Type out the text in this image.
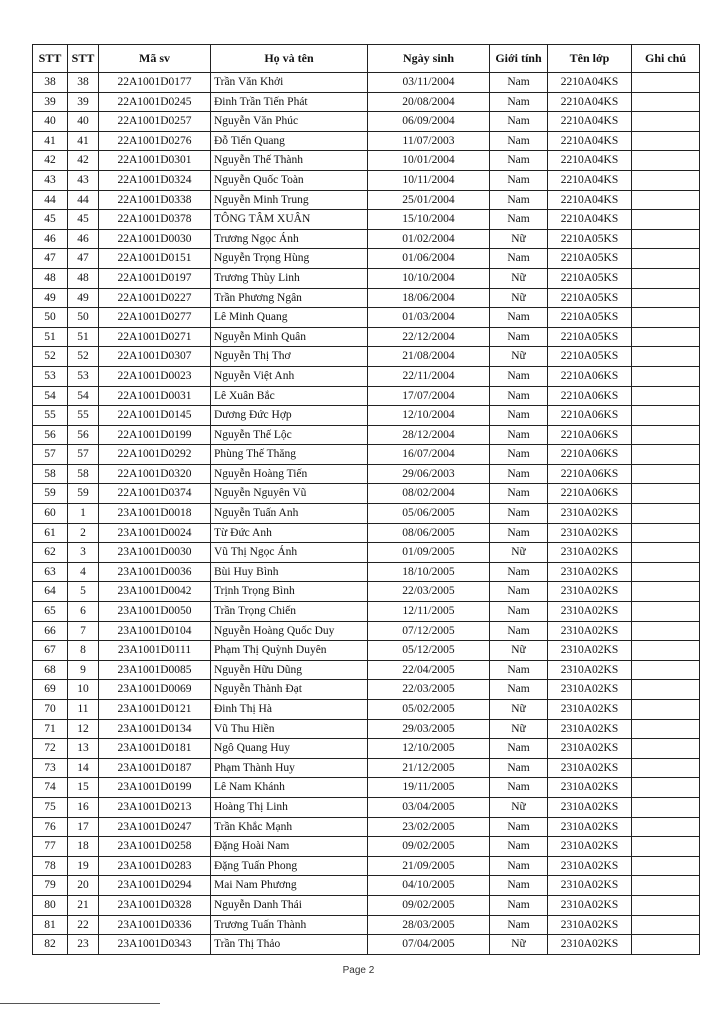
STT	STT	Mã sv	Họ và tên	Ngày sinh	Giới tính	Tên lớp	Ghi chú
38	38	22A1001D0177	Trần Văn Khởi	03/11/2004	Nam	2210A04KS	
39	39	22A1001D0245	Đinh Trần Tiến Phát	20/08/2004	Nam	2210A04KS	
40	40	22A1001D0257	Nguyễn Văn Phúc	06/09/2004	Nam	2210A04KS	
41	41	22A1001D0276	Đỗ Tiến Quang	11/07/2003	Nam	2210A04KS	
42	42	22A1001D0301	Nguyễn Thế Thành	10/01/2004	Nam	2210A04KS	
43	43	22A1001D0324	Nguyễn Quốc Toàn	10/11/2004	Nam	2210A04KS	
44	44	22A1001D0338	Nguyễn Minh Trung	25/01/2004	Nam	2210A04KS	
45	45	22A1001D0378	TÔNG TÂM XUÂN	15/10/2004	Nam	2210A04KS	
46	46	22A1001D0030	Trương Ngọc Ánh	01/02/2004	Nữ	2210A05KS	
47	47	22A1001D0151	Nguyễn Trọng Hùng	01/06/2004	Nam	2210A05KS	
48	48	22A1001D0197	Trương Thùy Linh	10/10/2004	Nữ	2210A05KS	
49	49	22A1001D0227	Trần Phương Ngân	18/06/2004	Nữ	2210A05KS	
50	50	22A1001D0277	Lê Minh Quang	01/03/2004	Nam	2210A05KS	
51	51	22A1001D0271	Nguyễn Minh Quân	22/12/2004	Nam	2210A05KS	
52	52	22A1001D0307	Nguyễn Thị Thơ	21/08/2004	Nữ	2210A05KS	
53	53	22A1001D0023	Nguyễn Việt Anh	22/11/2004	Nam	2210A06KS	
54	54	22A1001D0031	Lê Xuân Bắc	17/07/2004	Nam	2210A06KS	
55	55	22A1001D0145	Dương Đức Hợp	12/10/2004	Nam	2210A06KS	
56	56	22A1001D0199	Nguyễn Thế Lộc	28/12/2004	Nam	2210A06KS	
57	57	22A1001D0292	Phùng Thế Thăng	16/07/2004	Nam	2210A06KS	
58	58	22A1001D0320	Nguyễn Hoàng Tiến	29/06/2003	Nam	2210A06KS	
59	59	22A1001D0374	Nguyễn Nguyên Vũ	08/02/2004	Nam	2210A06KS	
60	1	23A1001D0018	Nguyễn Tuấn Anh	05/06/2005	Nam	2310A02KS	
61	2	23A1001D0024	Từ Đức Anh	08/06/2005	Nam	2310A02KS	
62	3	23A1001D0030	Vũ Thị Ngọc Ánh	01/09/2005	Nữ	2310A02KS	
63	4	23A1001D0036	Bùi Huy Bình	18/10/2005	Nam	2310A02KS	
64	5	23A1001D0042	Trịnh Trọng Bình	22/03/2005	Nam	2310A02KS	
65	6	23A1001D0050	Trần Trọng Chiến	12/11/2005	Nam	2310A02KS	
66	7	23A1001D0104	Nguyễn Hoàng Quốc Duy	07/12/2005	Nam	2310A02KS	
67	8	23A1001D0111	Phạm Thị Quỳnh Duyên	05/12/2005	Nữ	2310A02KS	
68	9	23A1001D0085	Nguyễn Hữu Dũng	22/04/2005	Nam	2310A02KS	
69	10	23A1001D0069	Nguyễn Thành Đạt	22/03/2005	Nam	2310A02KS	
70	11	23A1001D0121	Đinh Thị Hà	05/02/2005	Nữ	2310A02KS	
71	12	23A1001D0134	Vũ Thu Hiền	29/03/2005	Nữ	2310A02KS	
72	13	23A1001D0181	Ngô Quang Huy	12/10/2005	Nam	2310A02KS	
73	14	23A1001D0187	Phạm Thành Huy	21/12/2005	Nam	2310A02KS	
74	15	23A1001D0199	Lê Nam Khánh	19/11/2005	Nam	2310A02KS	
75	16	23A1001D0213	Hoàng Thị Linh	03/04/2005	Nữ	2310A02KS	
76	17	23A1001D0247	Trần Khắc Mạnh	23/02/2005	Nam	2310A02KS	
77	18	23A1001D0258	Đặng Hoài Nam	09/02/2005	Nam	2310A02KS	
78	19	23A1001D0283	Đặng Tuấn Phong	21/09/2005	Nam	2310A02KS	
79	20	23A1001D0294	Mai Nam Phương	04/10/2005	Nam	2310A02KS	
80	21	23A1001D0328	Nguyễn Danh Thái	09/02/2005	Nam	2310A02KS	
81	22	23A1001D0336	Trương Tuấn Thành	28/03/2005	Nam	2310A02KS	
82	23	23A1001D0343	Trần Thị Thảo	07/04/2005	Nữ	2310A02KS	
Page 2
